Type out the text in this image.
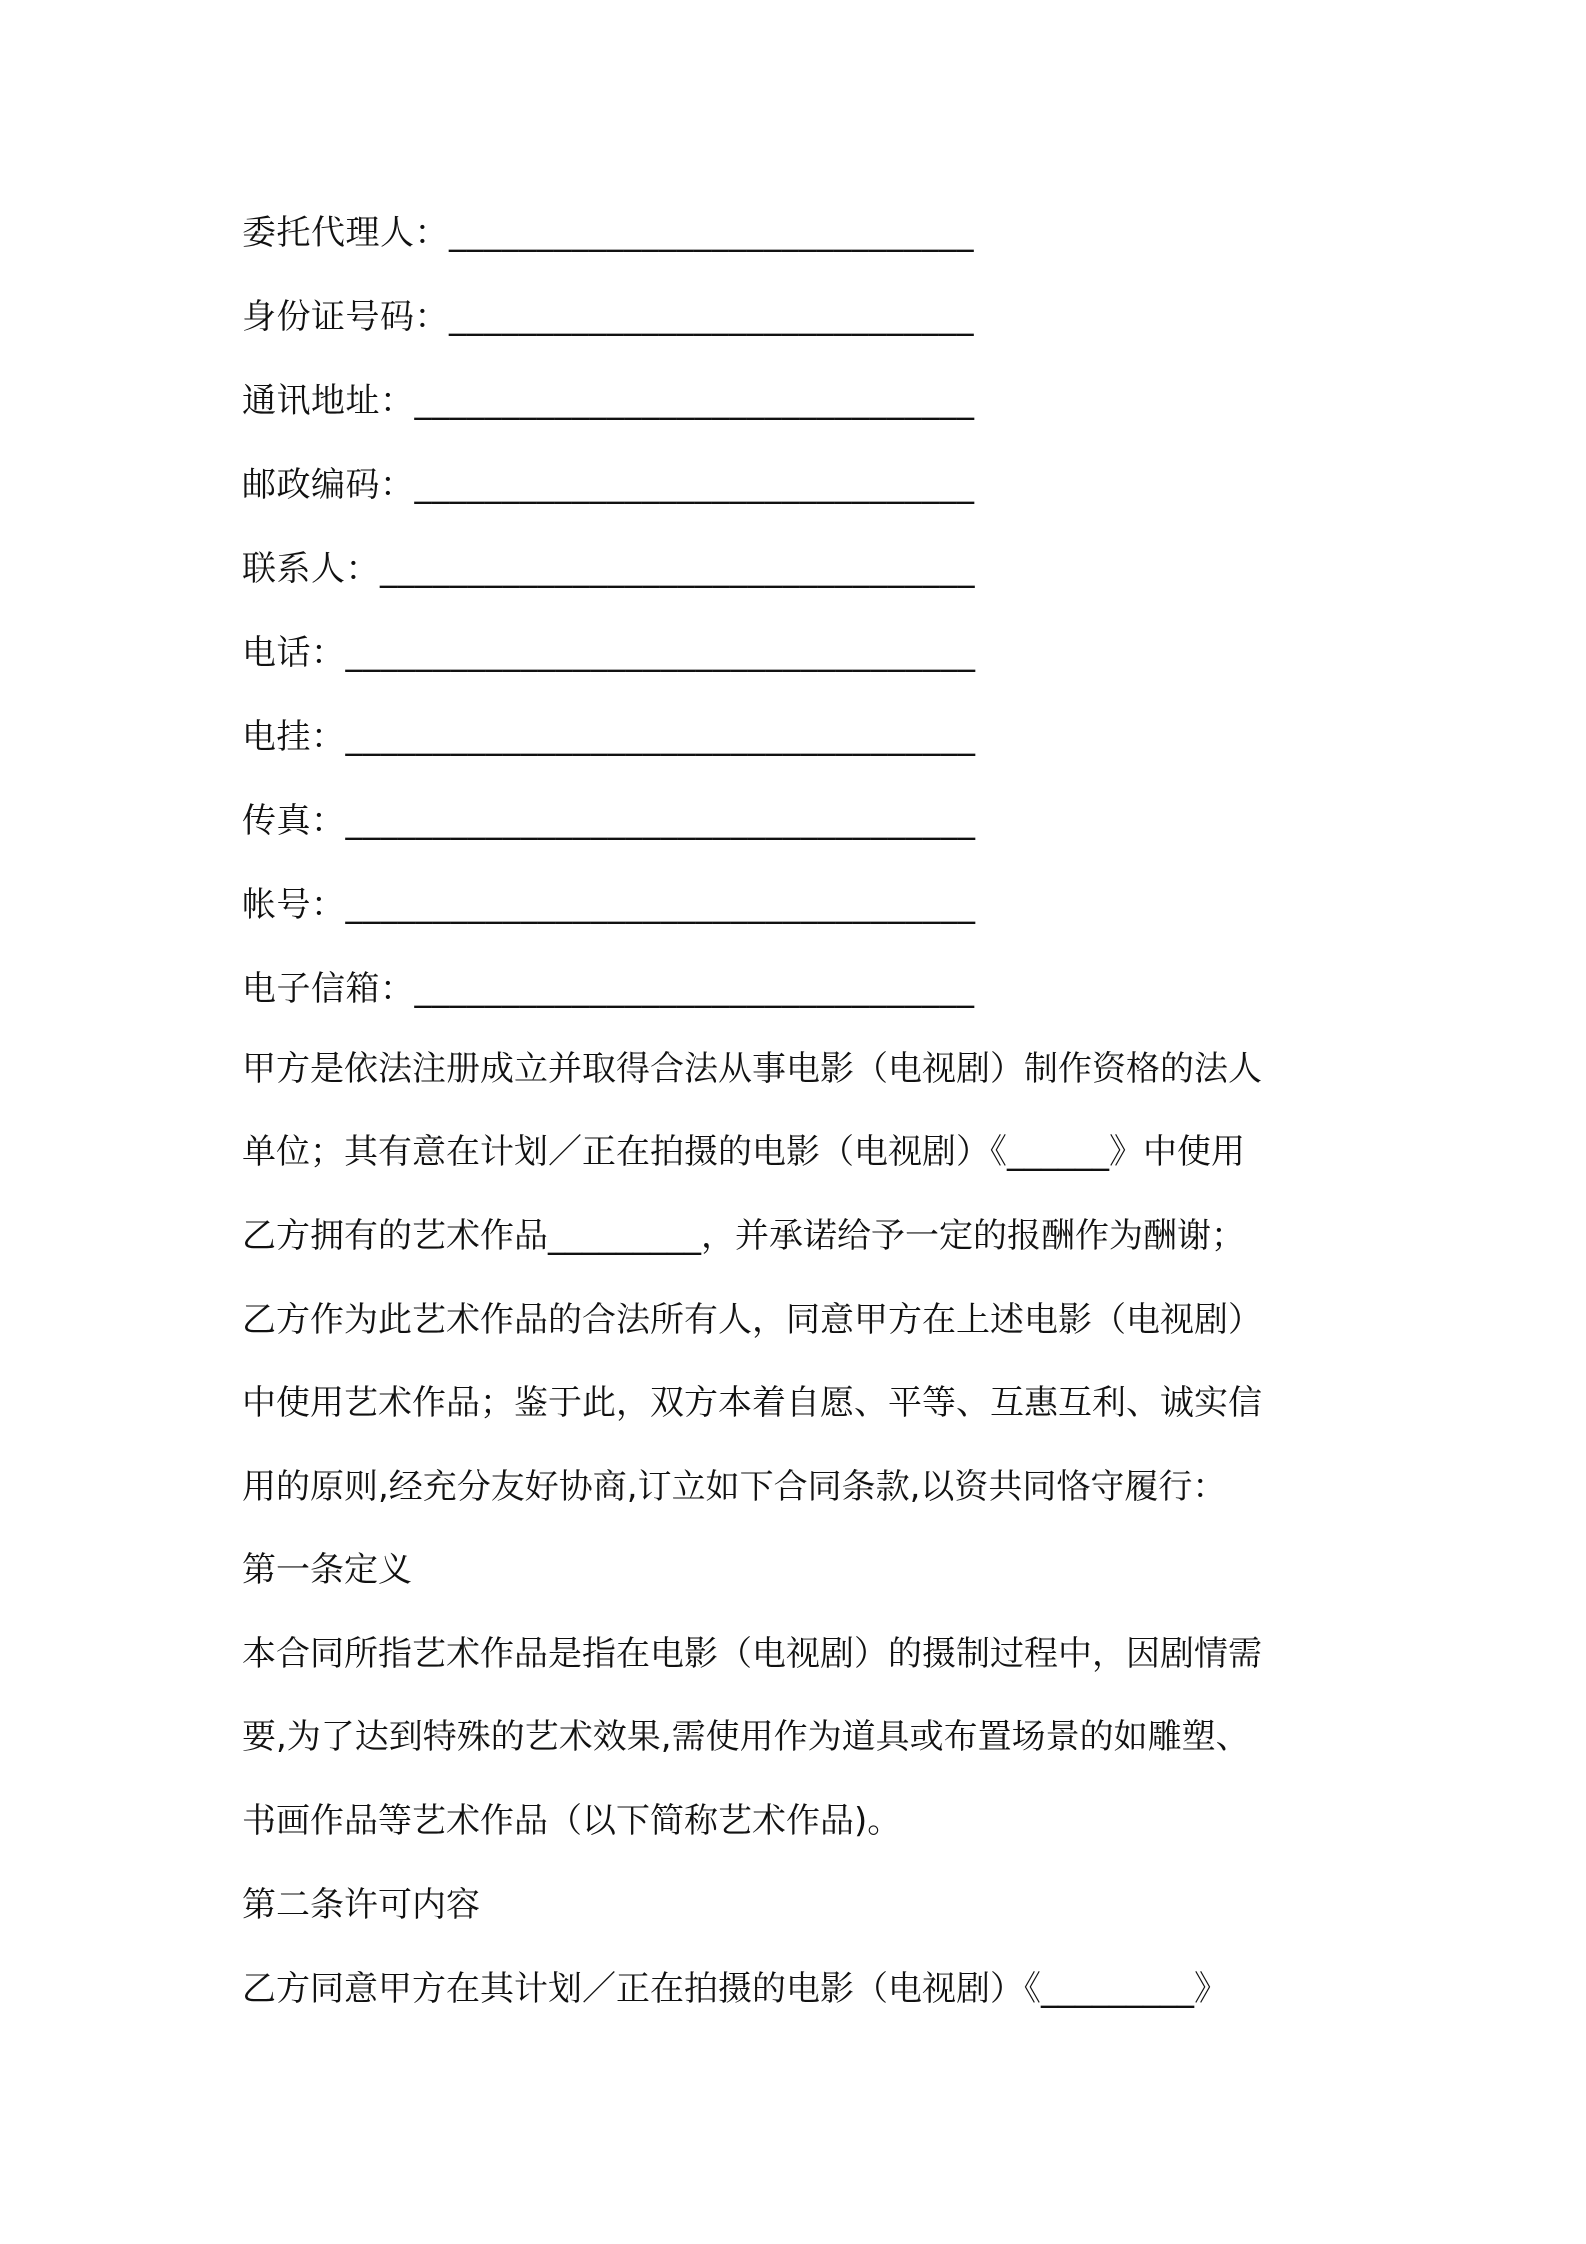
委托代理人：______________________________
身份证号码：______________________________
通讯地址：________________________________
邮政编码：________________________________
联系人：__________________________________
电话：____________________________________
电挂：____________________________________
传真：____________________________________
帐号：____________________________________
电子信箱：________________________________
甲方是依法注册成立并取得合法从事电影（电视剧）制作资格的法人
单位；其有意在计划／正在拍摄的电影（电视剧）《______》中使用
乙方拥有的艺术作品_________，并承诺给予一定的报酬作为酬谢；
乙方作为此艺术作品的合法所有人，同意甲方在上述电影（电视剧）
中使用艺术作品；鉴于此，双方本着自愿、平等、互惠互利、诚实信
用的原则,经充分友好协商,订立如下合同条款,以资共同恪守履行：
第一条定义
本合同所指艺术作品是指在电影（电视剧）的摄制过程中，因剧情需
要,为了达到特殊的艺术效果,需使用作为道具或布置场景的如雕塑、
书画作品等艺术作品（以下简称艺术作品)。
第二条许可内容
乙方同意甲方在其计划／正在拍摄的电影（电视剧）《_________》
